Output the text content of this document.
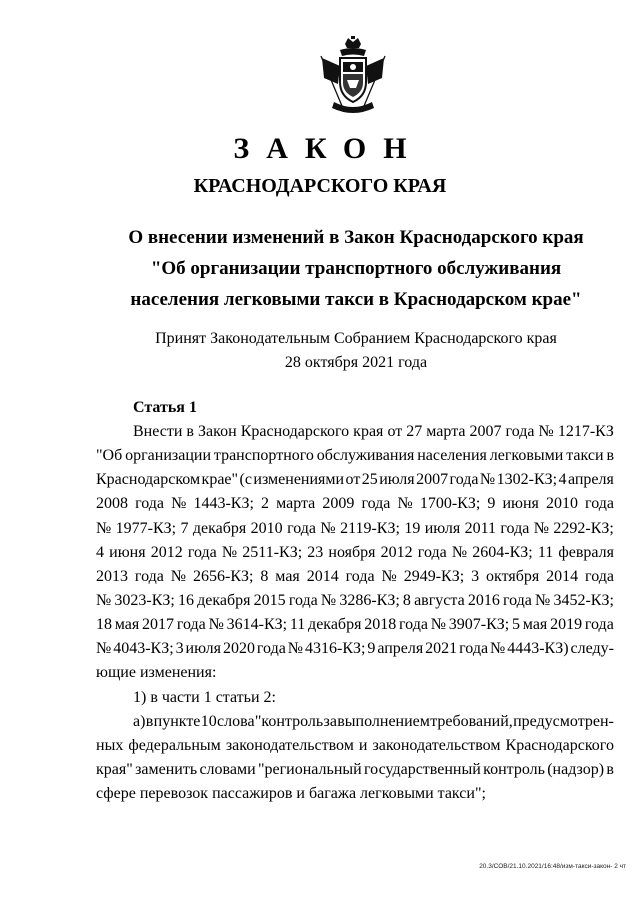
ЗАКОН
КРАСНОДАРСКОГО КРАЯ
О внесении изменений в Закон Краснодарского края
"Об организации транспортного обслуживания
населения легковыми такси в Краснодарском крае"
Принят Законодательным Собранием Краснодарского края
28 октября 2021 года
Статья 1
Внести в Закон Краснодарского края от 27 марта 2007 года № 1217-КЗ
"Об организации транспортного обслуживания населения легковыми такси в
Краснодарском крае" (с изменениями от 25 июля 2007 года № 1302-КЗ; 4 апреля
2008 года № 1443-КЗ; 2 марта 2009 года № 1700-КЗ; 9 июня 2010 года
№ 1977-КЗ; 7 декабря 2010 года № 2119-КЗ; 19 июля 2011 года № 2292-КЗ;
4 июня 2012 года № 2511-КЗ; 23 ноября 2012 года № 2604-КЗ; 11 февраля
2013 года № 2656-КЗ; 8 мая 2014 года № 2949-КЗ; 3 октября 2014 года
№ 3023-КЗ; 16 декабря 2015 года № 3286-КЗ; 8 августа 2016 года № 3452-КЗ;
18 мая 2017 года № 3614-КЗ; 11 декабря 2018 года № 3907-КЗ; 5 мая 2019 года
№ 4043-КЗ; 3 июля 2020 года № 4316-КЗ; 9 апреля 2021 года № 4443-КЗ) следу-
ющие изменения:
1) в части 1 статьи 2:
а) в пункте 10 слова "контроль за выполнением требований, предусмотрен-
ных федеральным законодательством и законодательством Краснодарского
края" заменить словами "региональный государственный контроль (надзор) в
сфере перевозок пассажиров и багажа легковыми такси";
20.3/СОВ/21.10.2021/16:48/изм-такси-закон- 2 чт
